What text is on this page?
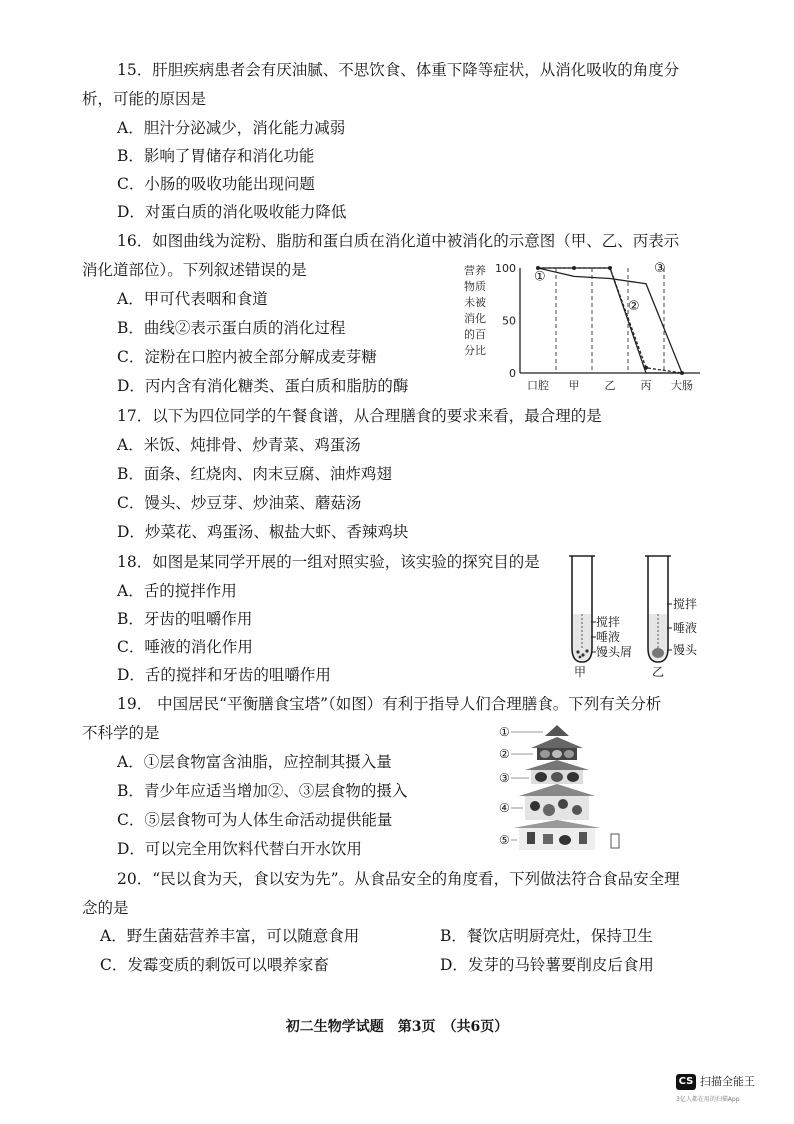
15．肝胆疾病患者会有厌油腻、不思饮食、体重下降等症状，从消化吸收的角度分
析，可能的原因是
A．胆汁分泌减少，消化能力减弱
B．影响了胃储存和消化功能
C．小肠的吸收功能出现问题
D．对蛋白质的消化吸收能力降低
16．如图曲线为淀粉、脂肪和蛋白质在消化道中被消化的示意图（甲、乙、丙表示
消化道部位）。下列叙述错误的是
A．甲可代表咽和食道
B．曲线②表示蛋白质的消化过程
C．淀粉在口腔内被全部分解成麦芽糖
D．丙内含有消化糖类、蛋白质和脂肪的酶
营养
物质
未被
消化
的百
分比
100
50
0
①
②
③
口腔 甲 乙 丙 大肠
17．以下为四位同学的午餐食谱，从合理膳食的要求来看，最合理的是
A．米饭、炖排骨、炒青菜、鸡蛋汤
B．面条、红烧肉、肉末豆腐、油炸鸡翅
C．馒头、炒豆芽、炒油菜、蘑菇汤
D．炒菜花、鸡蛋汤、椒盐大虾、香辣鸡块
18．如图是某同学开展的一组对照实验，该实验的探究目的是
A．舌的搅拌作用
B．牙齿的咀嚼作用
C．唾液的消化作用
D．舌的搅拌和牙齿的咀嚼作用
搅拌
唾液
馒头屑
甲
搅拌
唾液
馒头
乙
19． 中国居民“平衡膳食宝塔”（如图）有利于指导人们合理膳食。下列有关分析
不科学的是
A．①层食物富含油脂，应控制其摄入量
B．青少年应适当增加②、③层食物的摄入
C．⑤层食物可为人体生命活动提供能量
D．可以完全用饮料代替白开水饮用
①
②
③
④
⑤
20．“民以食为天，食以安为先”。从食品安全的角度看，下列做法符合食品安全理
念的是
A．野生菌菇营养丰富，可以随意食用	B．餐饮店明厨亮灶，保持卫生
C．发霉变质的剩饭可以喂养家畜	D．发芽的马铃薯要削皮后食用
初二生物学试题　第3页　（共6页）
CS 扫描全能王
3亿人都在用的扫描App
